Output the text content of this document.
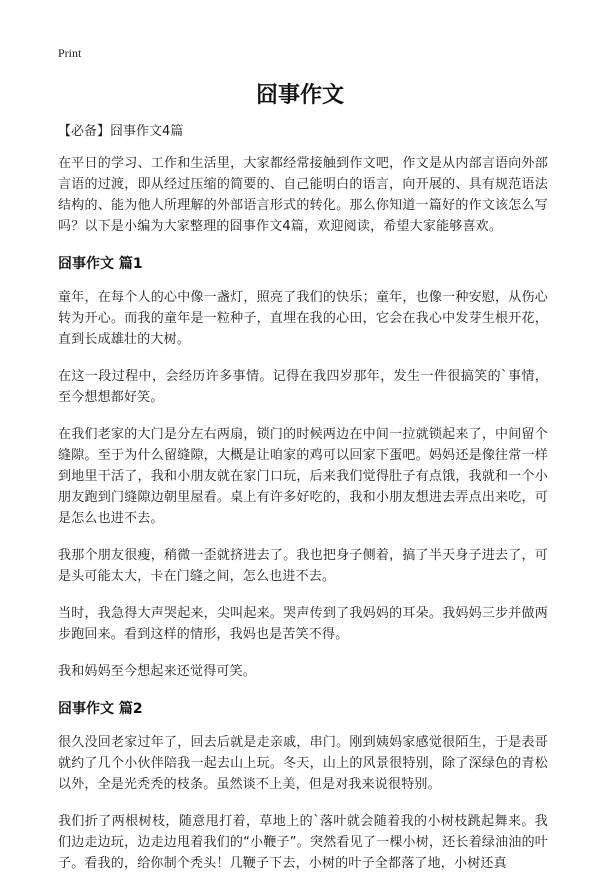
Print
囧事作文
【必备】囧事作文4篇

在平日的学习、工作和生活里，大家都经常接触到作文吧，作文是从内部言语向外部言语的过渡，即从经过压缩的简要的、自己能明白的语言，向开展的、具有规范语法结构的、能为他人所理解的外部语言形式的转化。那么你知道一篇好的作文该怎么写吗？以下是小编为大家整理的囧事作文4篇，欢迎阅读，希望大家能够喜欢。

囧事作文 篇1

童年，在每个人的心中像一盏灯，照亮了我们的快乐；童年，也像一种安慰，从伤心转为开心。而我的童年是一粒种子，直埋在我的心田，它会在我心中发芽生根开花，直到长成雄壮的大树。

在这一段过程中，会经历许多事情。记得在我四岁那年，发生一件很搞笑的`事情，至今想想都好笑。

在我们老家的大门是分左右两扇，锁门的时候两边在中间一拉就锁起来了，中间留个缝隙。至于为什么留缝隙，大概是让咱家的鸡可以回家下蛋吧。妈妈还是像往常一样到地里干活了，我和小朋友就在家门口玩，后来我们觉得肚子有点饿，我就和一个小朋友跑到门缝隙边朝里屋看。桌上有许多好吃的，我和小朋友想进去弄点出来吃，可是怎么也进不去。

我那个朋友很瘦，稍微一歪就挤进去了。我也把身子侧着，搞了半天身子进去了，可是头可能太大，卡在门缝之间，怎么也进不去。

当时，我急得大声哭起来，尖叫起来。哭声传到了我妈妈的耳朵。我妈妈三步并做两步跑回来。看到这样的情形，我妈也是苦笑不得。

我和妈妈至今想起来还觉得可笑。

囧事作文 篇2

很久没回老家过年了，回去后就是走亲戚，串门。刚到姨妈家感觉很陌生，于是表哥就约了几个小伙伴陪我一起去山上玩。冬天，山上的风景很特别，除了深绿色的青松以外，全是光秃秃的枝条。虽然谈不上美，但是对我来说很特别。

我们折了两根树枝，随意甩打着，草地上的`落叶就会随着我的小树枝跳起舞来。我们边走边玩，边走边甩着我们的“小鞭子”。突然看见了一棵小树，还长着绿油油的叶子。看我的，给你制个秃头！几鞭子下去，小树的叶子全都落了地，小树还真
